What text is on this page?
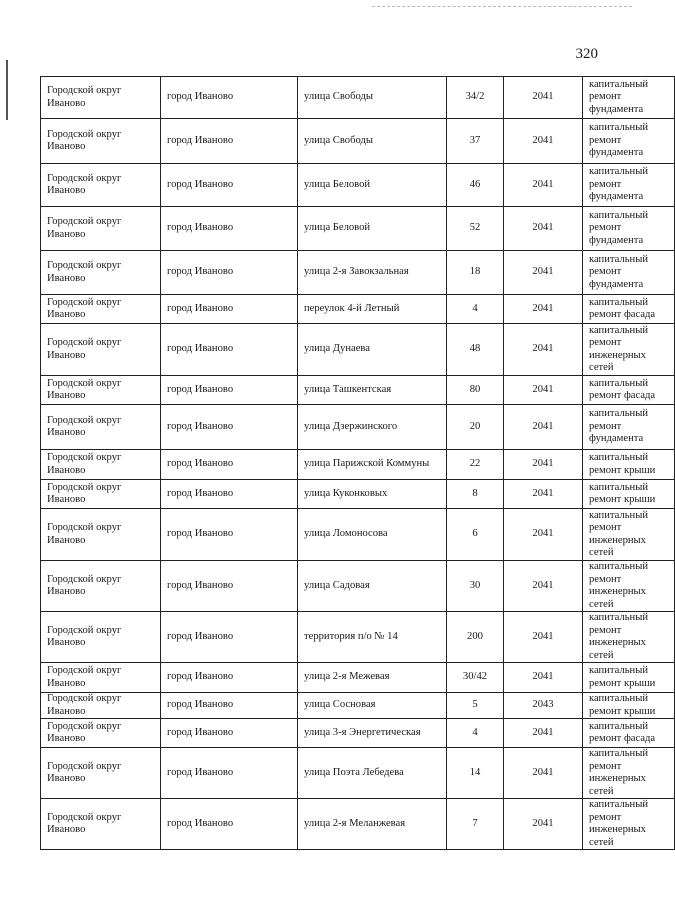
320
Городской округ Иваново	город Иваново	улица Свободы	34/2	2041	капитальный ремонт фундамента
Городской округ Иваново	город Иваново	улица Свободы	37	2041	капитальный ремонт фундамента
Городской округ Иваново	город Иваново	улица Беловой	46	2041	капитальный ремонт фундамента
Городской округ Иваново	город Иваново	улица Беловой	52	2041	капитальный ремонт фундамента
Городской округ Иваново	город Иваново	улица 2-я Завокзальная	18	2041	капитальный ремонт фундамента
Городской округ Иваново	город Иваново	переулок 4-й Летный	4	2041	капитальный ремонт фасада
Городской округ Иваново	город Иваново	улица Дунаева	48	2041	капитальный ремонт инженерных сетей
Городской округ Иваново	город Иваново	улица Ташкентская	80	2041	капитальный ремонт фасада
Городской округ Иваново	город Иваново	улица Дзержинского	20	2041	капитальный ремонт фундамента
Городской округ Иваново	город Иваново	улица Парижской Коммуны	22	2041	капитальный ремонт крыши
Городской округ Иваново	город Иваново	улица Куконковых	8	2041	капитальный ремонт крыши
Городской округ Иваново	город Иваново	улица Ломоносова	6	2041	капитальный ремонт инженерных сетей
Городской округ Иваново	город Иваново	улица Садовая	30	2041	капитальный ремонт инженерных сетей
Городской округ Иваново	город Иваново	территория п/о № 14	200	2041	капитальный ремонт инженерных сетей
Городской округ Иваново	город Иваново	улица 2-я Межевая	30/42	2041	капитальный ремонт крыши
Городской округ Иваново	город Иваново	улица Сосновая	5	2043	капитальный ремонт крыши
Городской округ Иваново	город Иваново	улица 3-я Энергетическая	4	2041	капитальный ремонт фасада
Городской округ Иваново	город Иваново	улица Поэта Лебедева	14	2041	капитальный ремонт инженерных сетей
Городской округ Иваново	город Иваново	улица 2-я Меланжевая	7	2041	капитальный ремонт инженерных сетей
